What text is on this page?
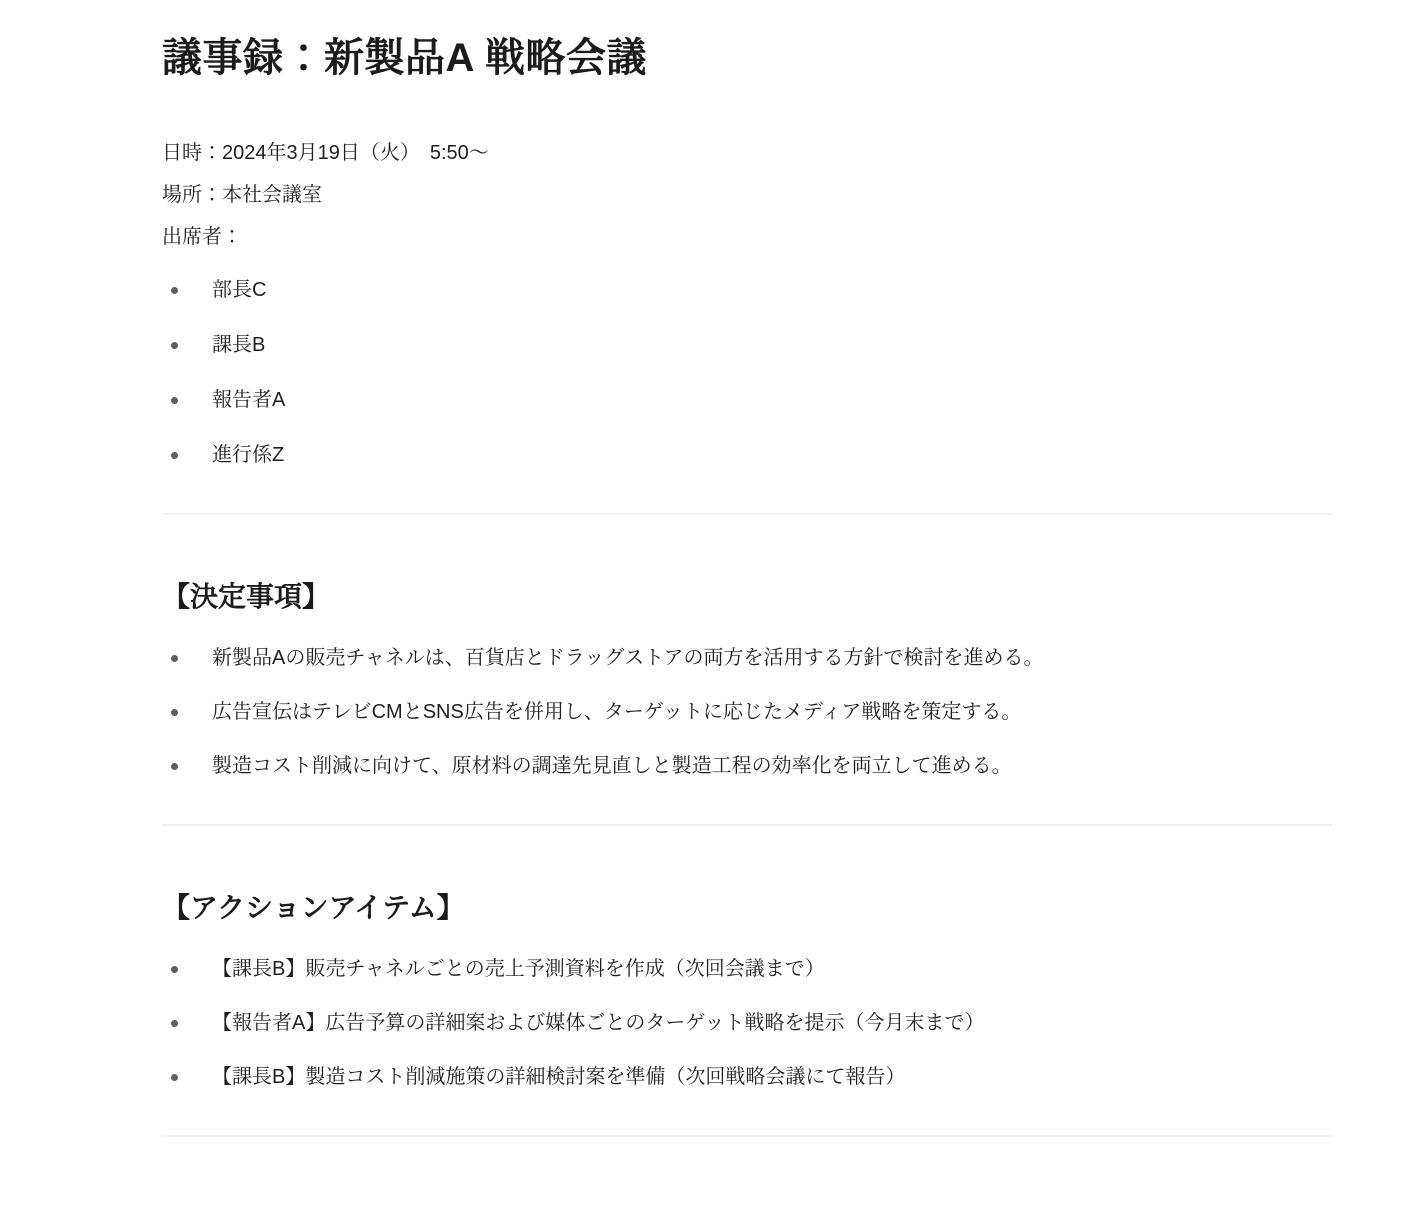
議事録：新製品A 戦略会議

日時：2024年3月19日（火）　5:50〜

場所：本社会議室

出席者：

部長C
課長B
報告者A
進行係Z
【決定事項】
新製品Aの販売チャネルは、百貨店とドラッグストアの両方を活用する方針で検討を進める。
広告宣伝はテレビCMとSNS広告を併用し、ターゲットに応じたメディア戦略を策定する。
製造コスト削減に向けて、原材料の調達先見直しと製造工程の効率化を両立して進める。
【アクションアイテム】
【課長B】販売チャネルごとの売上予測資料を作成（次回会議まで）
【報告者A】広告予算の詳細案および媒体ごとのターゲット戦略を提示（今月末まで）
【課長B】製造コスト削減施策の詳細検討案を準備（次回戦略会議にて報告）
